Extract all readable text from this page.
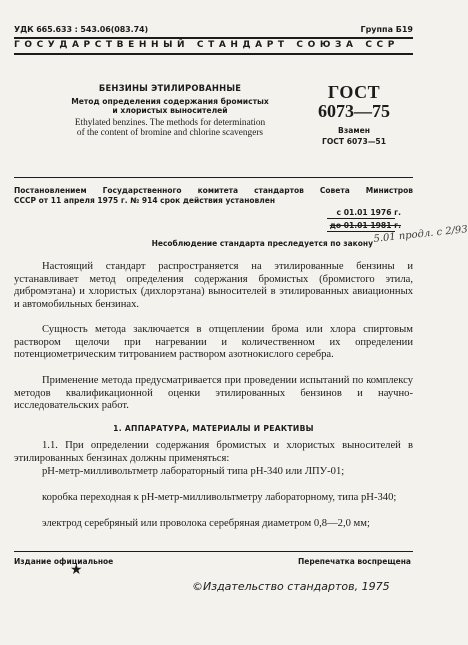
УДК 665.633 : 543.06(083.74)	Группа Б19
ГОСУДАРСТВЕННЫЙ СТАНДАРТ СОЮЗА ССР
БЕНЗИНЫ ЭТИЛИРОВАННЫЕ
Метод определения содержания бромистых
и хлористых выносителей
Ethylated benzines. The methods for determination
of the content of bromine and chlorine scavengers
ГОСТ
6073—75
Взамен
ГОСТ 6073—51
Постановлением Государственного комитета стандартов Совета Министров
СССР от 11 апреля 1975 г. № 914 срок действия установлен
с 01.01 1976 г.
до 01.01 1981 г.
Несоблюдение стандарта преследуется по закону 5.01 продл. с 2/93
Настоящий стандарт распространяется на этилированные бензины и устанавливает метод определения содержания бромистых (бромистого этила, дибромэтана) и хлористых (дихлорэтана) выносителей в этилированных авиационных и автомобильных бензинах.
Сущность метода заключается в отщеплении брома или хлора спиртовым раствором щелочи при нагревании и количественном их определении потенциометрическим титрованием раствором азотнокислого серебра.
Применение метода предусматривается при проведении испытаний по комплексу методов квалификационной оценки этилированных бензинов и научно-исследовательских работ.
1. АППАРАТУРА, МАТЕРИАЛЫ И РЕАКТИВЫ
1.1. При определении содержания бромистых и хлористых выносителей в этилированных бензинах должны применяться:
рН-метр-милливольтметр лабораторный типа рН-340 или ЛПУ-01;
коробка переходная к рН-метр-милливольтметру лабораторному, типа рН-340;
электрод серебряный или проволока серебряная диаметром 0,8—2,0 мм;
Издание официальное	Перепечатка воспрещена
★
©Издательство стандартов, 1975
